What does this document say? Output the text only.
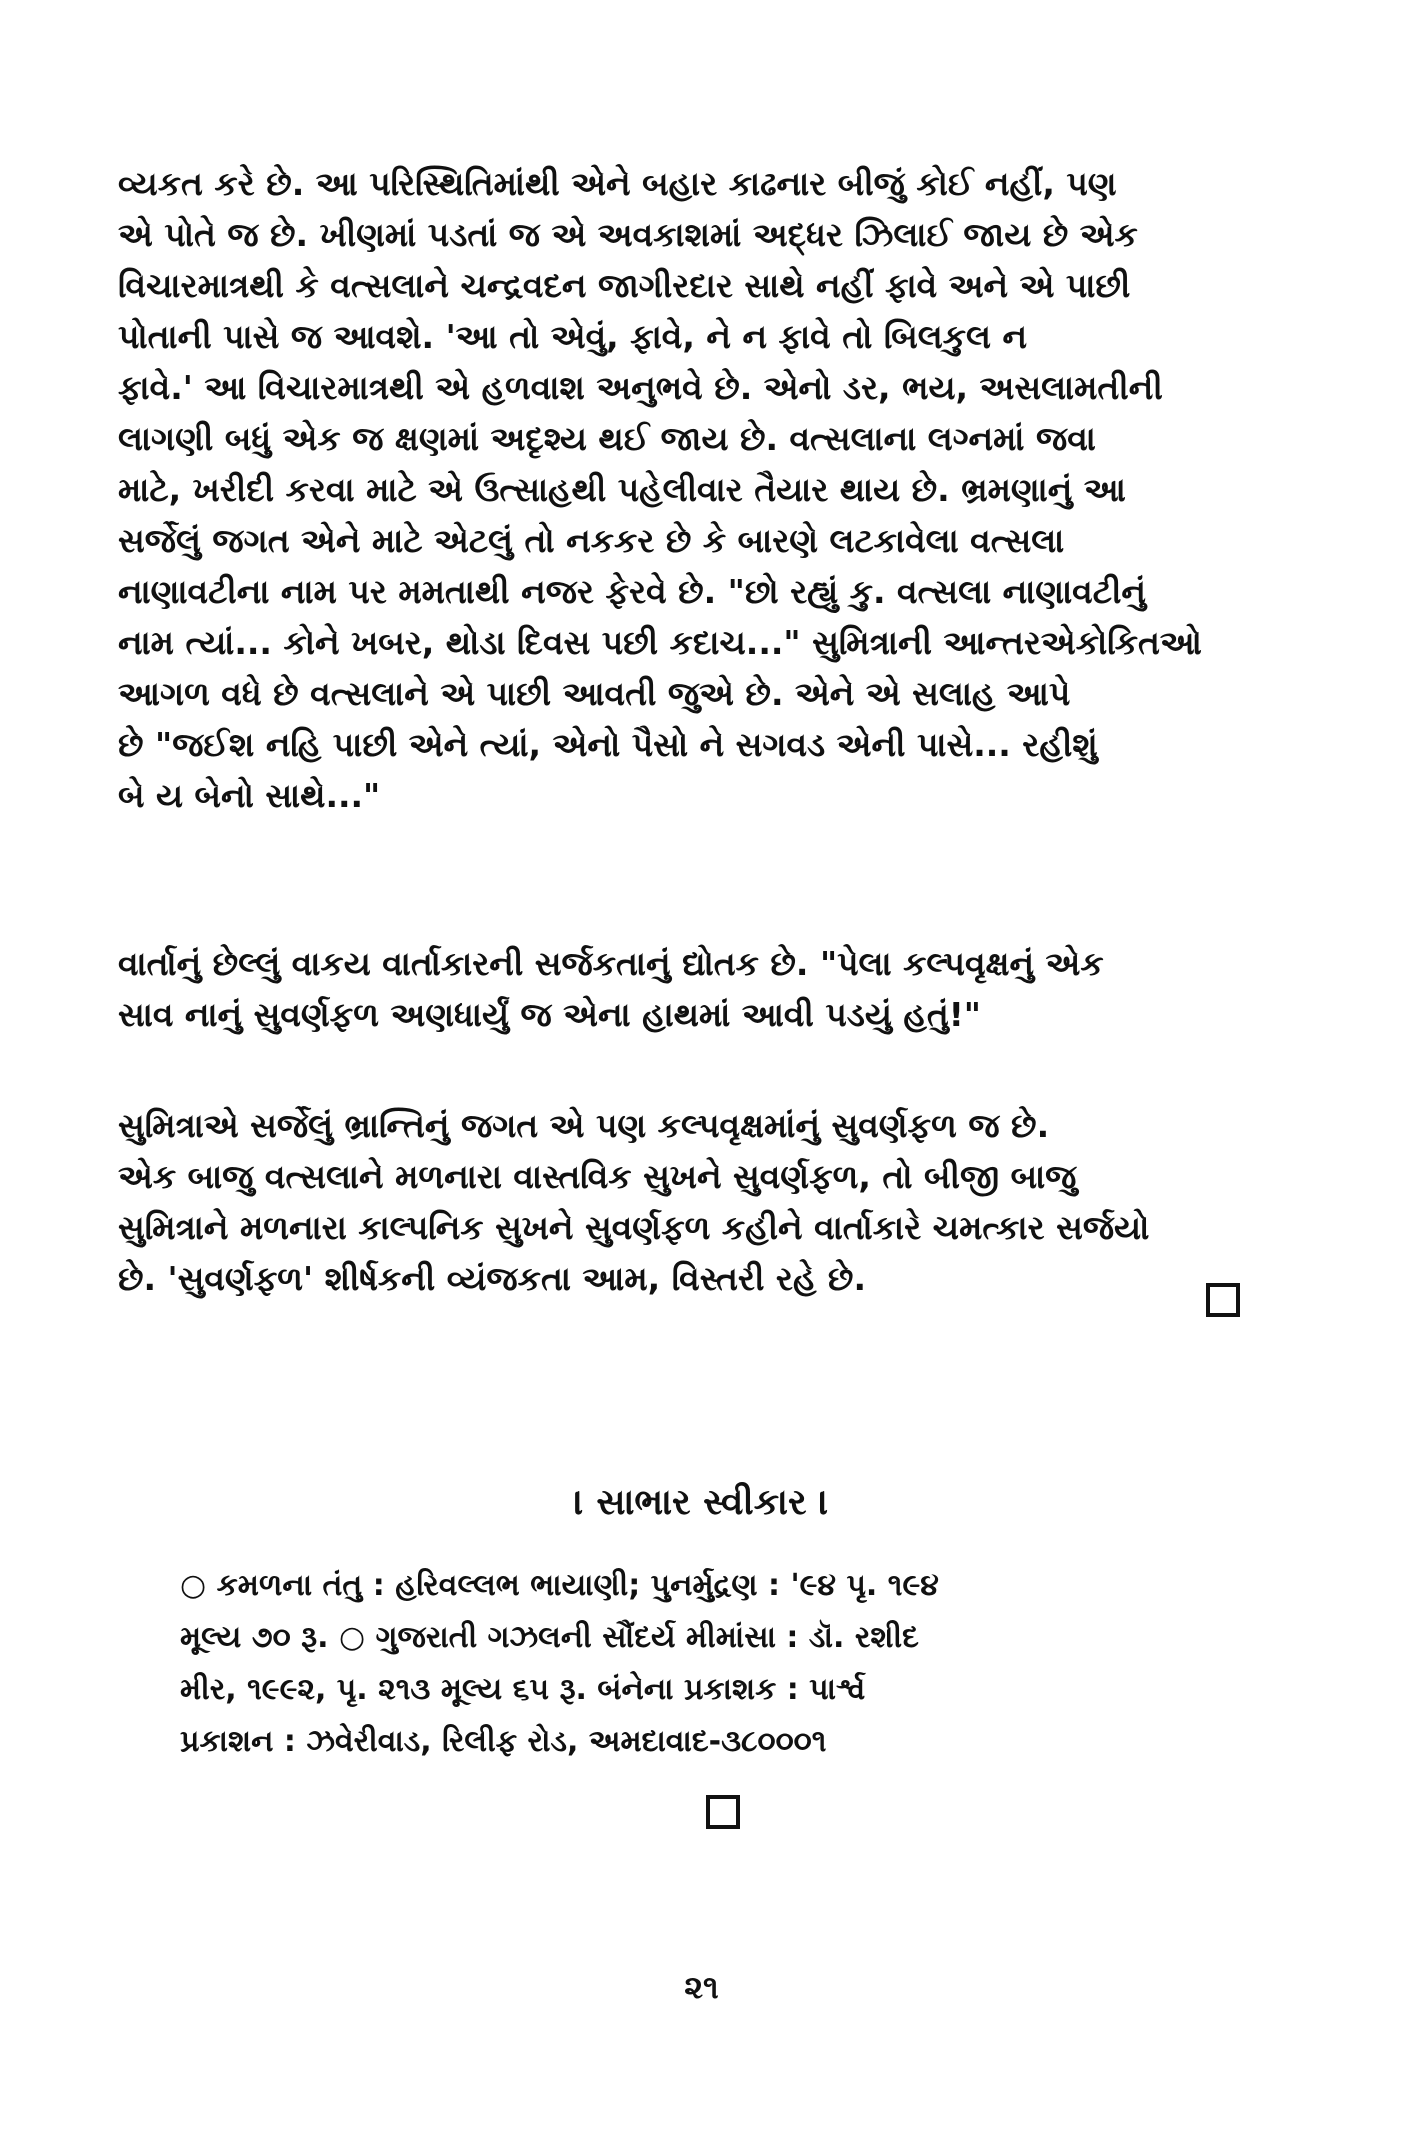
વ્યકત કરે છે. આ પરિસ્થિતિમાંથી એને બહાર કાઢનાર બીજું કોઈ નહીં, પણ
એ પોતે જ છે. ખીણમાં પડતાં જ એ અવકાશમાં અદ્ધર ઝિલાઈ જાય છે એક
વિચારમાત્રથી કે વત્સલાને ચન્દ્રવદન જાગીરદાર સાથે નહીં ફાવે અને એ પાછી
પોતાની પાસે જ આવશે. 'આ તો એવું, ફાવે, ને ન ફાવે તો બિલકુલ ન
ફાવે.' આ વિચારમાત્રથી એ હળવાશ અનુભવે છે. એનો ડર, ભય, અસલામતીની
લાગણી બધું એક જ ક્ષણમાં અદૃશ્ય થઈ જાય છે. વત્સલાના લગ્નમાં જવા
માટે, ખરીદી કરવા માટે એ ઉત્સાહથી પહેલીવાર તૈયાર થાય છે. ભ્રમણાનું આ
સર્જેલું જગત એને માટે એટલું તો નકકર છે કે બારણે લટકાવેલા વત્સલા
નાણાવટીના નામ પર મમતાથી નજર ફેરવે છે. "છો રહ્યું કુ. વત્સલા નાણાવટીનું
નામ ત્યાં... કોને ખબર, થોડા દિવસ પછી કદાચ..." સુમિત્રાની આન્તરએકોકિતઓ
આગળ વધે છે વત્સલાને એ પાછી આવતી જુએ છે. એને એ સલાહ આપે
છે "જઈશ નહિ પાછી એને ત્યાં, એનો પૈસો ને સગવડ એની પાસે... રહીશું
બે ય બેનો સાથે..."

વાર્તાનું છેલ્લું વાકય વાર્તાકારની સર્જકતાનું દ્યોતક છે. "પેલા કલ્પવૃક્ષનું એક
સાવ નાનું સુવર્ણફળ અણધાર્યું જ એના હાથમાં આવી પડયું હતું!"

સુમિત્રાએ સર્જેલું ભ્રાન્તિનું જગત એ પણ કલ્પવૃક્ષમાંનું સુવર્ણફળ જ છે.
એક બાજુ વત્સલાને મળનારા વાસ્તવિક સુખને સુવર્ણફળ, તો બીજી બાજુ
સુમિત્રાને મળનારા કાલ્પનિક સુખને સુવર્ણફળ કહીને વાર્તાકારે ચમત્કાર સર્જયો
છે. 'સુવર્ણફળ' શીર્ષકની વ્યંજકતા આમ, વિસ્તરી રહે છે.

। સાભાર સ્વીકાર ।

○ કમળના તંતુ : હરિવલ્લભ ભાયાણી; પુનર્મુદ્રણ : '૯૪ પૃ. ૧૯૪
મૂલ્ય ૭૦ રૂ. ○ ગુજરાતી ગઝલની સૌંદર્ય મીમાંસા : ડૉ. રશીદ
મીર, ૧૯૯૨, પૃ. ૨૧૩ મૂલ્ય ૬૫ રૂ. બંનેના પ્રકાશક : પાર્શ્વ
પ્રકાશન : ઝવેરીવાડ, રિલીફ રોડ, અમદાવાદ-૩૮૦૦૦૧

૨૧
